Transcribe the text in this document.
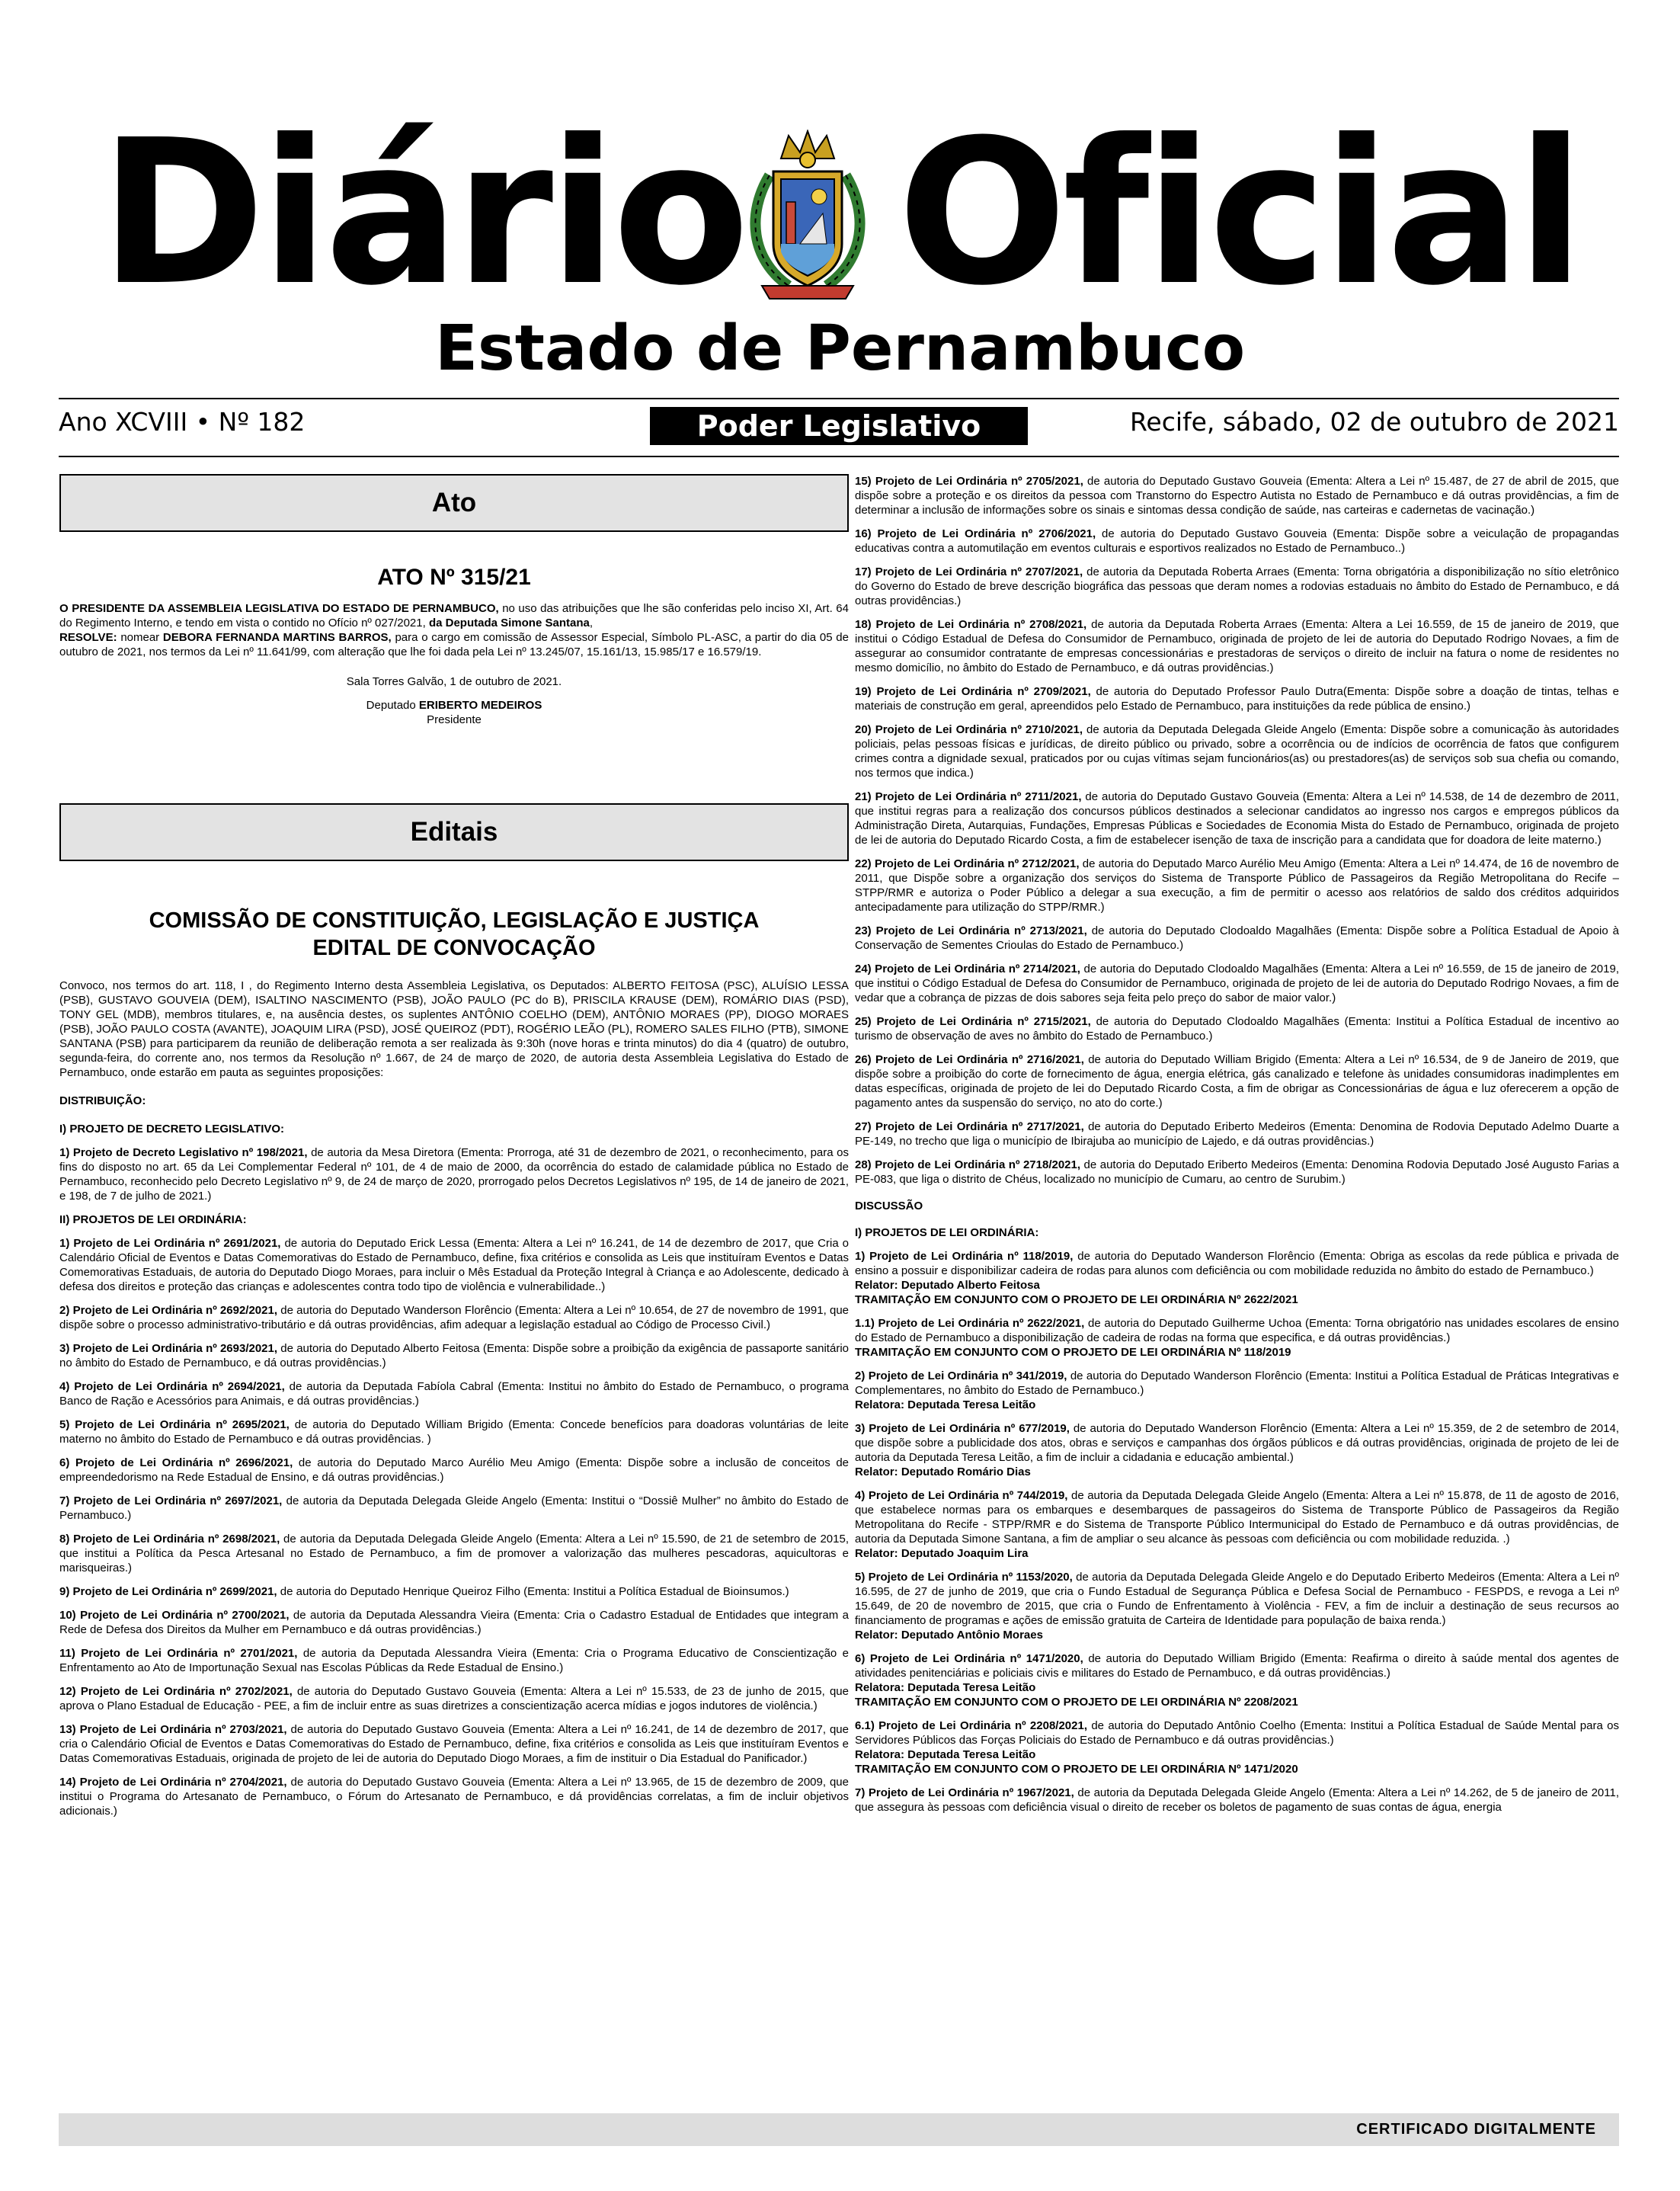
Diário Oficial
Estado de Pernambuco
Ano XCVIII • Nº 182	Poder Legislativo	Recife, sábado, 02 de outubro de 2021
Ato
ATO Nº 315/21

O PRESIDENTE DA ASSEMBLEIA LEGISLATIVA DO ESTADO DE PERNAMBUCO, no uso das atribuições que lhe são conferidas pelo inciso XI, Art. 64 do Regimento Interno, e tendo em vista o contido no Ofício nº 027/2021, da Deputada Simone Santana,
RESOLVE: nomear DEBORA FERNANDA MARTINS BARROS, para o cargo em comissão de Assessor Especial, Símbolo PL-ASC, a partir do dia 05 de outubro de 2021, nos termos da Lei nº 11.641/99, com alteração que lhe foi dada pela Lei nº 13.245/07, 15.161/13, 15.985/17 e 16.579/19.

Sala Torres Galvão, 1 de outubro de 2021.

Deputado ERIBERTO MEDEIROS

Presidente

Editais
COMISSÃO DE CONSTITUIÇÃO, LEGISLAÇÃO E JUSTIÇA
EDITAL DE CONVOCAÇÃO

Convoco, nos termos do art. 118, I , do Regimento Interno desta Assembleia Legislativa, os Deputados: ALBERTO FEITOSA (PSC), ALUÍSIO LESSA (PSB), GUSTAVO GOUVEIA (DEM), ISALTINO NASCIMENTO (PSB), JOÃO PAULO (PC do B), PRISCILA KRAUSE (DEM), ROMÁRIO DIAS (PSD), TONY GEL (MDB), membros titulares, e, na ausência destes, os suplentes ANTÔNIO COELHO (DEM), ANTÔNIO MORAES (PP), DIOGO MORAES (PSB), JOÃO PAULO COSTA (AVANTE), JOAQUIM LIRA (PSD), JOSÉ QUEIROZ (PDT), ROGÉRIO LEÃO (PL), ROMERO SALES FILHO (PTB), SIMONE SANTANA (PSB) para participarem da reunião de deliberação remota a ser realizada às 9:30h (nove horas e trinta minutos) do dia 4 (quatro) de outubro, segunda-feira, do corrente ano, nos termos da Resolução nº 1.667, de 24 de março de 2020, de autoria desta Assembleia Legislativa do Estado de Pernambuco, onde estarão em pauta as seguintes proposições:

DISTRIBUIÇÃO:

I) PROJETO DE DECRETO LEGISLATIVO:

1) Projeto de Decreto Legislativo nº 198/2021, de autoria da Mesa Diretora (Ementa: Prorroga, até 31 de dezembro de 2021, o reconhecimento, para os fins do disposto no art. 65 da Lei Complementar Federal nº 101, de 4 de maio de 2000, da ocorrência do estado de calamidade pública no Estado de Pernambuco, reconhecido pelo Decreto Legislativo nº 9, de 24 de março de 2020, prorrogado pelos Decretos Legislativos nº 195, de 14 de janeiro de 2021, e 198, de 7 de julho de 2021.)

II) PROJETOS DE LEI ORDINÁRIA:

1) Projeto de Lei Ordinária nº 2691/2021, de autoria do Deputado Erick Lessa (Ementa: Altera a Lei nº 16.241, de 14 de dezembro de 2017, que Cria o Calendário Oficial de Eventos e Datas Comemorativas do Estado de Pernambuco, define, fixa critérios e consolida as Leis que instituíram Eventos e Datas Comemorativas Estaduais, de autoria do Deputado Diogo Moraes, para incluir o Mês Estadual da Proteção Integral à Criança e ao Adolescente, dedicado à defesa dos direitos e proteção das crianças e adolescentes contra todo tipo de violência e vulnerabilidade..)

2) Projeto de Lei Ordinária nº 2692/2021, de autoria do Deputado Wanderson Florêncio (Ementa: Altera a Lei nº 10.654, de 27 de novembro de 1991, que dispõe sobre o processo administrativo-tributário e dá outras providências, afim adequar a legislação estadual ao Código de Processo Civil.)

3) Projeto de Lei Ordinária nº 2693/2021, de autoria do Deputado Alberto Feitosa (Ementa: Dispõe sobre a proibição da exigência de passaporte sanitário no âmbito do Estado de Pernambuco, e dá outras providências.)

4) Projeto de Lei Ordinária nº 2694/2021, de autoria da Deputada Fabíola Cabral (Ementa: Institui no âmbito do Estado de Pernambuco, o programa Banco de Ração e Acessórios para Animais, e dá outras providências.)

5) Projeto de Lei Ordinária nº 2695/2021, de autoria do Deputado William Brigido (Ementa: Concede benefícios para doadoras voluntárias de leite materno no âmbito do Estado de Pernambuco e dá outras providências. )

6) Projeto de Lei Ordinária nº 2696/2021, de autoria do Deputado Marco Aurélio Meu Amigo (Ementa: Dispõe sobre a inclusão de conceitos de empreendedorismo na Rede Estadual de Ensino, e dá outras providências.)

7) Projeto de Lei Ordinária nº 2697/2021, de autoria da Deputada Delegada Gleide Angelo (Ementa: Institui o “Dossiê Mulher” no âmbito do Estado de Pernambuco.)

8) Projeto de Lei Ordinária nº 2698/2021, de autoria da Deputada Delegada Gleide Angelo (Ementa: Altera a Lei nº 15.590, de 21 de setembro de 2015, que institui a Política da Pesca Artesanal no Estado de Pernambuco, a fim de promover a valorização das mulheres pescadoras, aquicultoras e marisqueiras.)

9) Projeto de Lei Ordinária nº 2699/2021, de autoria do Deputado Henrique Queiroz Filho (Ementa: Institui a Política Estadual de Bioinsumos.)

10) Projeto de Lei Ordinária nº 2700/2021, de autoria da Deputada Alessandra Vieira (Ementa: Cria o Cadastro Estadual de Entidades que integram a Rede de Defesa dos Direitos da Mulher em Pernambuco e dá outras providências.)

11) Projeto de Lei Ordinária nº 2701/2021, de autoria da Deputada Alessandra Vieira (Ementa: Cria o Programa Educativo de Conscientização e Enfrentamento ao Ato de Importunação Sexual nas Escolas Públicas da Rede Estadual de Ensino.)

12) Projeto de Lei Ordinária nº 2702/2021, de autoria do Deputado Gustavo Gouveia (Ementa: Altera a Lei nº 15.533, de 23 de junho de 2015, que aprova o Plano Estadual de Educação - PEE, a fim de incluir entre as suas diretrizes a conscientização acerca mídias e jogos indutores de violência.)

13) Projeto de Lei Ordinária nº 2703/2021, de autoria do Deputado Gustavo Gouveia (Ementa: Altera a Lei nº 16.241, de 14 de dezembro de 2017, que cria o Calendário Oficial de Eventos e Datas Comemorativas do Estado de Pernambuco, define, fixa critérios e consolida as Leis que instituíram Eventos e Datas Comemorativas Estaduais, originada de projeto de lei de autoria do Deputado Diogo Moraes, a fim de instituir o Dia Estadual do Panificador.)

14) Projeto de Lei Ordinária nº 2704/2021, de autoria do Deputado Gustavo Gouveia (Ementa: Altera a Lei nº 13.965, de 15 de dezembro de 2009, que institui o Programa do Artesanato de Pernambuco, o Fórum do Artesanato de Pernambuco, e dá providências correlatas, a fim de incluir objetivos adicionais.)

15) Projeto de Lei Ordinária nº 2705/2021, de autoria do Deputado Gustavo Gouveia (Ementa: Altera a Lei nº 15.487, de 27 de abril de 2015, que dispõe sobre a proteção e os direitos da pessoa com Transtorno do Espectro Autista no Estado de Pernambuco e dá outras providências, a fim de determinar a inclusão de informações sobre os sinais e sintomas dessa condição de saúde, nas carteiras e cadernetas de vacinação.)

16) Projeto de Lei Ordinária nº 2706/2021, de autoria do Deputado Gustavo Gouveia (Ementa: Dispõe sobre a veiculação de propagandas educativas contra a automutilação em eventos culturais e esportivos realizados no Estado de Pernambuco..)

17) Projeto de Lei Ordinária nº 2707/2021, de autoria da Deputada Roberta Arraes (Ementa: Torna obrigatória a disponibilização no sítio eletrônico do Governo do Estado de breve descrição biográfica das pessoas que deram nomes a rodovias estaduais no âmbito do Estado de Pernambuco, e dá outras providências.)

18) Projeto de Lei Ordinária nº 2708/2021, de autoria da Deputada Roberta Arraes (Ementa: Altera a Lei 16.559, de 15 de janeiro de 2019, que institui o Código Estadual de Defesa do Consumidor de Pernambuco, originada de projeto de lei de autoria do Deputado Rodrigo Novaes, a fim de assegurar ao consumidor contratante de empresas concessionárias e prestadoras de serviços o direito de incluir na fatura o nome de residentes no mesmo domicílio, no âmbito do Estado de Pernambuco, e dá outras providências.)

19) Projeto de Lei Ordinária nº 2709/2021, de autoria do Deputado Professor Paulo Dutra(Ementa: Dispõe sobre a doação de tintas, telhas e materiais de construção em geral, apreendidos pelo Estado de Pernambuco, para instituições da rede pública de ensino.)

20) Projeto de Lei Ordinária nº 2710/2021, de autoria da Deputada Delegada Gleide Angelo (Ementa: Dispõe sobre a comunicação às autoridades policiais, pelas pessoas físicas e jurídicas, de direito público ou privado, sobre a ocorrência ou de indícios de ocorrência de fatos que configurem crimes contra a dignidade sexual, praticados por ou cujas vítimas sejam funcionários(as) ou prestadores(as) de serviços sob sua chefia ou comando, nos termos que indica.)

21) Projeto de Lei Ordinária nº 2711/2021, de autoria do Deputado Gustavo Gouveia (Ementa: Altera a Lei nº 14.538, de 14 de dezembro de 2011, que institui regras para a realização dos concursos públicos destinados a selecionar candidatos ao ingresso nos cargos e empregos públicos da Administração Direta, Autarquias, Fundações, Empresas Públicas e Sociedades de Economia Mista do Estado de Pernambuco, originada de projeto de lei de autoria do Deputado Ricardo Costa, a fim de estabelecer isenção de taxa de inscrição para a candidata que for doadora de leite materno.)

22) Projeto de Lei Ordinária nº 2712/2021, de autoria do Deputado Marco Aurélio Meu Amigo (Ementa: Altera a Lei nº 14.474, de 16 de novembro de 2011, que Dispõe sobre a organização dos serviços do Sistema de Transporte Público de Passageiros da Região Metropolitana do Recife – STPP/RMR e autoriza o Poder Público a delegar a sua execução, a fim de permitir o acesso aos relatórios de saldo dos créditos adquiridos antecipadamente para utilização do STPP/RMR.)

23) Projeto de Lei Ordinária nº 2713/2021, de autoria do Deputado Clodoaldo Magalhães (Ementa: Dispõe sobre a Política Estadual de Apoio à Conservação de Sementes Crioulas do Estado de Pernambuco.)

24) Projeto de Lei Ordinária nº 2714/2021, de autoria do Deputado Clodoaldo Magalhães (Ementa: Altera a Lei nº 16.559, de 15 de janeiro de 2019, que institui o Código Estadual de Defesa do Consumidor de Pernambuco, originada de projeto de lei de autoria do Deputado Rodrigo Novaes, a fim de vedar que a cobrança de pizzas de dois sabores seja feita pelo preço do sabor de maior valor.)

25) Projeto de Lei Ordinária nº 2715/2021, de autoria do Deputado Clodoaldo Magalhães (Ementa: Institui a Política Estadual de incentivo ao turismo de observação de aves no âmbito do Estado de Pernambuco.)

26) Projeto de Lei Ordinária nº 2716/2021, de autoria do Deputado William Brigido (Ementa: Altera a Lei nº 16.534, de 9 de Janeiro de 2019, que dispõe sobre a proibição do corte de fornecimento de água, energia elétrica, gás canalizado e telefone às unidades consumidoras inadimplentes em datas específicas, originada de projeto de lei do Deputado Ricardo Costa, a fim de obrigar as Concessionárias de água e luz oferecerem a opção de pagamento antes da suspensão do serviço, no ato do corte.)

27) Projeto de Lei Ordinária nº 2717/2021, de autoria do Deputado Eriberto Medeiros (Ementa: Denomina de Rodovia Deputado Adelmo Duarte a PE-149, no trecho que liga o município de Ibirajuba ao município de Lajedo, e dá outras providências.)

28) Projeto de Lei Ordinária nº 2718/2021, de autoria do Deputado Eriberto Medeiros (Ementa: Denomina Rodovia Deputado José Augusto Farias a PE-083, que liga o distrito de Chéus, localizado no município de Cumaru, ao centro de Surubim.)

DISCUSSÃO

I) PROJETOS DE LEI ORDINÁRIA:

1) Projeto de Lei Ordinária nº 118/2019, de autoria do Deputado Wanderson Florêncio (Ementa: Obriga as escolas da rede pública e privada de ensino a possuir e disponibilizar cadeira de rodas para alunos com deficiência ou com mobilidade reduzida no âmbito do estado de Pernambuco.)
Relator: Deputado Alberto Feitosa
TRAMITAÇÃO EM CONJUNTO COM O PROJETO DE LEI ORDINÁRIA Nº 2622/2021

1.1) Projeto de Lei Ordinária nº 2622/2021, de autoria do Deputado Guilherme Uchoa (Ementa: Torna obrigatório nas unidades escolares de ensino do Estado de Pernambuco a disponibilização de cadeira de rodas na forma que especifica, e dá outras providências.)
TRAMITAÇÃO EM CONJUNTO COM O PROJETO DE LEI ORDINÁRIA Nº 118/2019

2) Projeto de Lei Ordinária nº 341/2019, de autoria do Deputado Wanderson Florêncio (Ementa: Institui a Política Estadual de Práticas Integrativas e Complementares, no âmbito do Estado de Pernambuco.)
Relatora: Deputada Teresa Leitão

3) Projeto de Lei Ordinária nº 677/2019, de autoria do Deputado Wanderson Florêncio (Ementa: Altera a Lei nº 15.359, de 2 de setembro de 2014, que dispõe sobre a publicidade dos atos, obras e serviços e campanhas dos órgãos públicos e dá outras providências, originada de projeto de lei de autoria da Deputada Teresa Leitão, a fim de incluir a cidadania e educação ambiental.)
Relator: Deputado Romário Dias

4) Projeto de Lei Ordinária nº 744/2019, de autoria da Deputada Delegada Gleide Angelo (Ementa: Altera a Lei nº 15.878, de 11 de agosto de 2016, que estabelece normas para os embarques e desembarques de passageiros do Sistema de Transporte Público de Passageiros da Região Metropolitana do Recife - STPP/RMR e do Sistema de Transporte Público Intermunicipal do Estado de Pernambuco e dá outras providências, de autoria da Deputada Simone Santana, a fim de ampliar o seu alcance às pessoas com deficiência ou com mobilidade reduzida. .)
Relator: Deputado Joaquim Lira

5) Projeto de Lei Ordinária nº 1153/2020, de autoria da Deputada Delegada Gleide Angelo e do Deputado Eriberto Medeiros (Ementa: Altera a Lei nº 16.595, de 27 de junho de 2019, que cria o Fundo Estadual de Segurança Pública e Defesa Social de Pernambuco - FESPDS, e revoga a Lei nº 15.649, de 20 de novembro de 2015, que cria o Fundo de Enfrentamento à Violência - FEV, a fim de incluir a destinação de seus recursos ao financiamento de programas e ações de emissão gratuita de Carteira de Identidade para população de baixa renda.)
Relator: Deputado Antônio Moraes

6) Projeto de Lei Ordinária nº 1471/2020, de autoria do Deputado William Brigido (Ementa: Reafirma o direito à saúde mental dos agentes de atividades penitenciárias e policiais civis e militares do Estado de Pernambuco, e dá outras providências.)
Relatora: Deputada Teresa Leitão
TRAMITAÇÃO EM CONJUNTO COM O PROJETO DE LEI ORDINÁRIA Nº 2208/2021

6.1) Projeto de Lei Ordinária nº 2208/2021, de autoria do Deputado Antônio Coelho (Ementa: Institui a Política Estadual de Saúde Mental para os Servidores Públicos das Forças Policiais do Estado de Pernambuco e dá outras providências.)
Relatora: Deputada Teresa Leitão
TRAMITAÇÃO EM CONJUNTO COM O PROJETO DE LEI ORDINÁRIA Nº 1471/2020

7) Projeto de Lei Ordinária nº 1967/2021, de autoria da Deputada Delegada Gleide Angelo (Ementa: Altera a Lei nº 14.262, de 5 de janeiro de 2011, que assegura às pessoas com deficiência visual o direito de receber os boletos de pagamento de suas contas de água, energia

CERTIFICADO DIGITALMENTE
